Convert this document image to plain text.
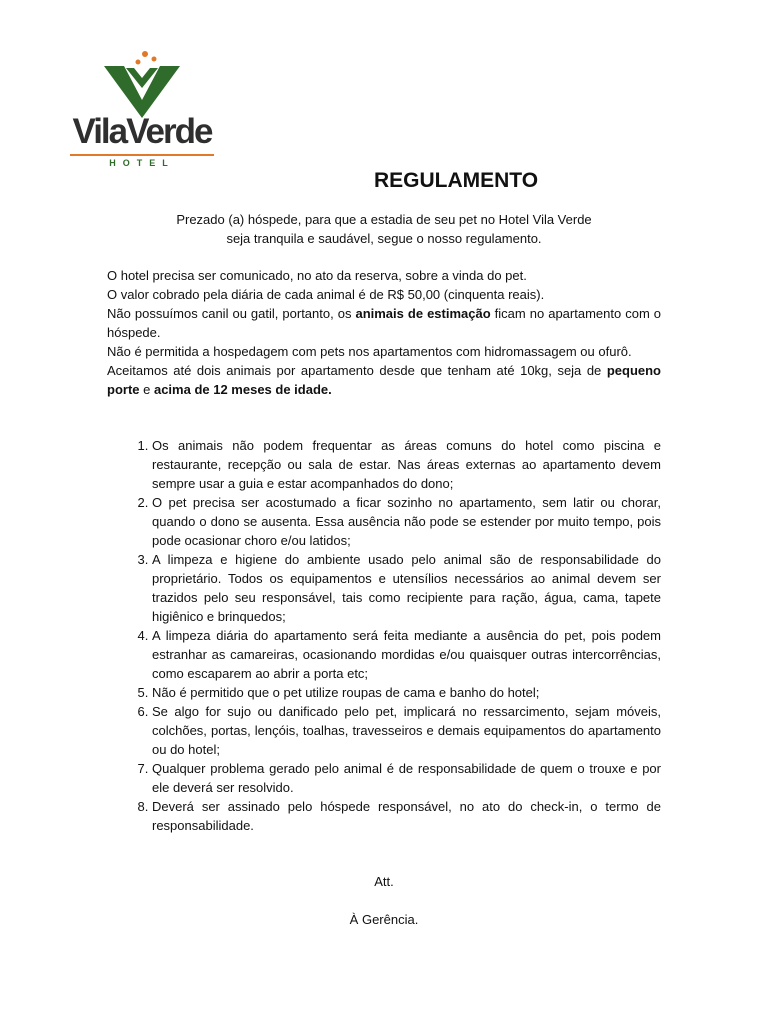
VilaVerde
HOTEL
REGULAMENTO
Prezado (a) hóspede, para que a estadia de seu pet no Hotel Vila Verde
seja tranquila e saudável, segue o nosso regulamento.

O hotel precisa ser comunicado, no ato da reserva, sobre a vinda do pet.

O valor cobrado pela diária de cada animal é de R$ 50,00 (cinquenta reais).

Não possuímos canil ou gatil, portanto, os animais de estimação ficam no apartamento com o hóspede.

Não é permitida a hospedagem com pets nos apartamentos com hidromassagem ou ofurô.

Aceitamos até dois animais por apartamento desde que tenham até 10kg, seja de pequeno porte e acima de 12 meses de idade.

1. Os animais não podem frequentar as áreas comuns do hotel como piscina e restaurante, recepção ou sala de estar. Nas áreas externas ao apartamento devem sempre usar a guia e estar acompanhados do dono;
2. O pet precisa ser acostumado a ficar sozinho no apartamento, sem latir ou chorar, quando o dono se ausenta. Essa ausência não pode se estender por muito tempo, pois pode ocasionar choro e/ou latidos;
3. A limpeza e higiene do ambiente usado pelo animal são de responsabilidade do proprietário. Todos os equipamentos e utensílios necessários ao animal devem ser trazidos pelo seu responsável, tais como recipiente para ração, água, cama, tapete higiênico e brinquedos;
4. A limpeza diária do apartamento será feita mediante a ausência do pet, pois podem estranhar as camareiras, ocasionando mordidas e/ou quaisquer outras intercorrências, como escaparem ao abrir a porta etc;
5. Não é permitido que o pet utilize roupas de cama e banho do hotel;
6. Se algo for sujo ou danificado pelo pet, implicará no ressarcimento, sejam móveis, colchões, portas, lençóis, toalhas, travesseiros e demais equipamentos do apartamento ou do hotel;
7. Qualquer problema gerado pelo animal é de responsabilidade de quem o trouxe e por ele deverá ser resolvido.
8. Deverá ser assinado pelo hóspede responsável, no ato do check-in, o termo de responsabilidade.
Att.
À Gerência.
